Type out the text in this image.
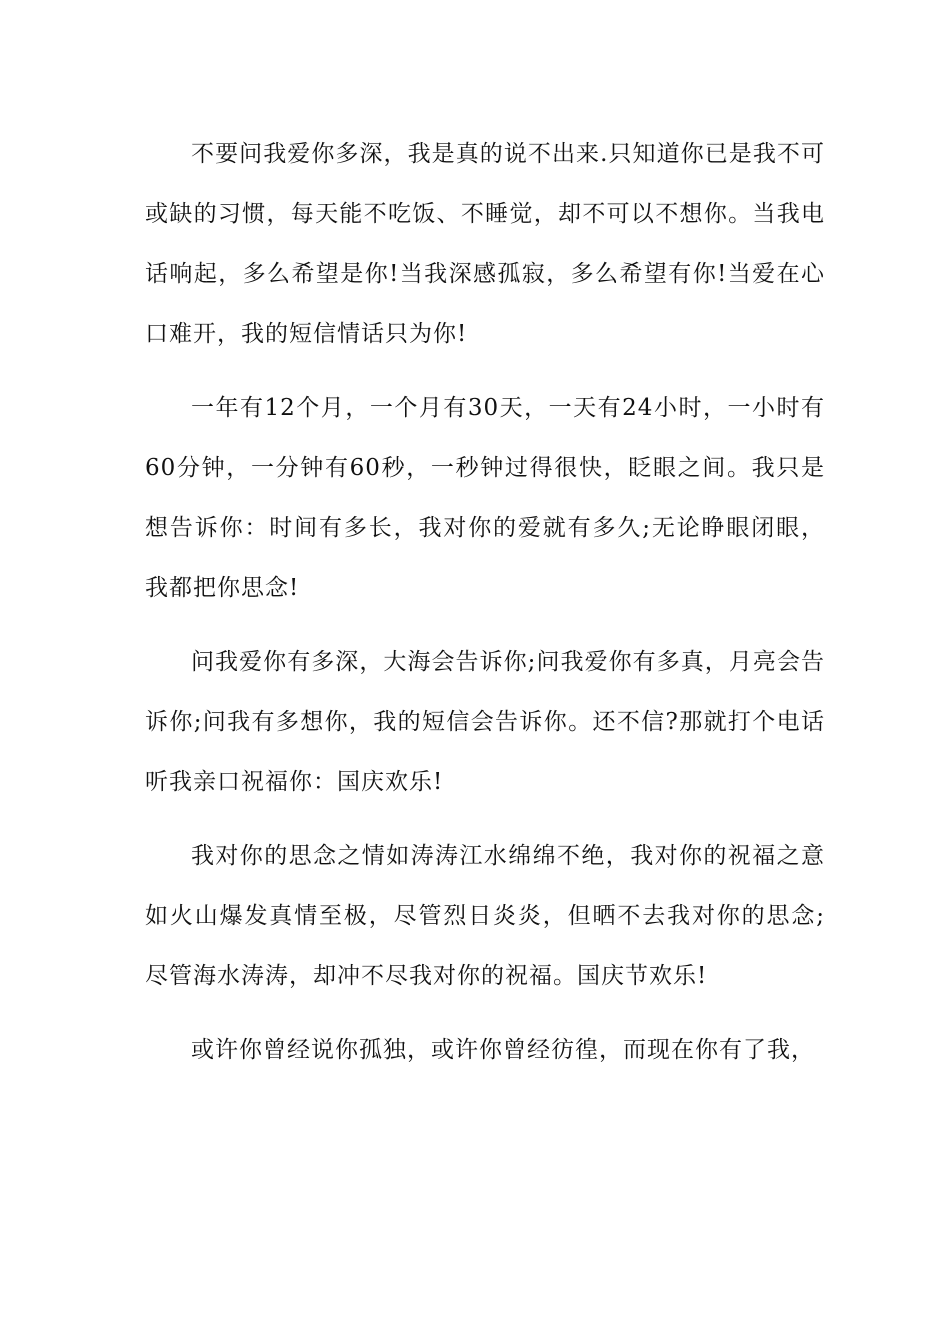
不要问我爱你多深，我是真的说不出来.只知道你已是我不可或缺的习惯，每天能不吃饭、不睡觉，却不可以不想你。当我电话响起，多么希望是你!当我深感孤寂，多么希望有你!当爱在心口难开，我的短信情话只为你!

一年有12个月，一个月有30天，一天有24小时，一小时有60分钟，一分钟有60秒，一秒钟过得很快，眨眼之间。我只是想告诉你：时间有多长，我对你的爱就有多久;无论睁眼闭眼，我都把你思念!

问我爱你有多深，大海会告诉你;问我爱你有多真，月亮会告诉你;问我有多想你，我的短信会告诉你。还不信?那就打个电话听我亲口祝福你：国庆欢乐!

我对你的思念之情如涛涛江水绵绵不绝，我对你的祝福之意如火山爆发真情至极，尽管烈日炎炎，但晒不去我对你的思念;尽管海水涛涛，却冲不尽我对你的祝福。国庆节欢乐!

或许你曾经说你孤独，或许你曾经彷徨，而现在你有了我，
